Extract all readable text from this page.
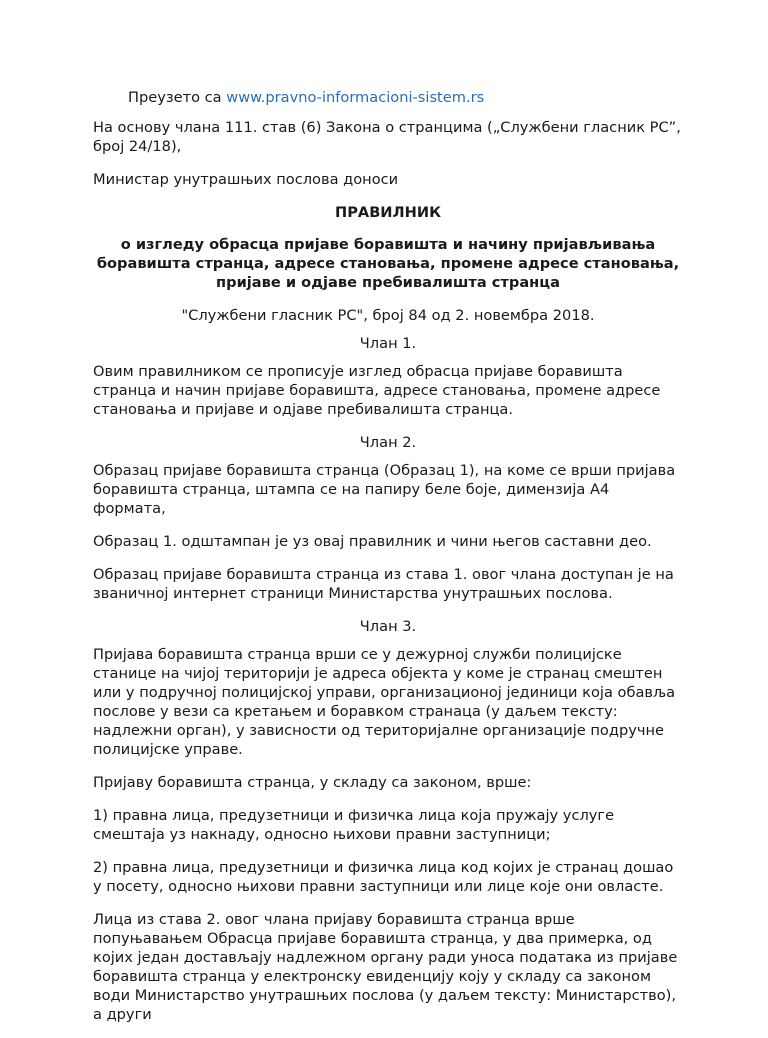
Преузето са www.pravno-informacioni-sistem.rs

На основу члана 111. став (6) Закона о странцима („Службени гласник РС”, број 24/18),

Министар унутрашњих послова доноси

ПРАВИЛНИК

о изгледу обрасца пријаве боравишта и начину пријављивања боравишта странца, адресе становања, промене адресе становања, пријаве и одјаве пребивалишта странца

"Службени гласник РС", број 84 од 2. новембра 2018.

Члан 1.

Овим правилником се прописује изглед обрасца пријаве боравишта странца и начин пријаве боравишта, адресе становања, промене адресе становања и пријаве и одјаве пребивалишта странца.

Члан 2.

Образац пријаве боравишта странца (Образац 1), на коме се врши пријава боравишта странца, штампа се на папиру беле боје, димензија А4 формата,

Образац 1. одштампан је уз овај правилник и чини његов саставни део.

Образац пријаве боравишта странца из става 1. овог члана доступан је на званичној интернет страници Министарства унутрашњих послова.

Члан 3.

Пријава боравишта странца врши се у дежурној служби полицијске станице на чијој територији је адреса објекта у коме је странац смештен или у подручној полицијској управи, организационој јединици која обавља послове у вези са кретањем и боравком странаца (у даљем тексту: надлежни орган), у зависности од територијалне организације подручне полицијске управе.

Пријаву боравишта странца, у складу са законом, врше:

1) правна лица, предузетници и физичка лица која пружају услуге смештаја уз накнаду, односно њихови правни заступници;

2) правна лица, предузетници и физичка лица код којих је странац дошао у посету, односно њихови правни заступници или лице које они овласте.

Лица из става 2. овог члана пријаву боравишта странца врше попуњавањем Обрасца пријаве боравишта странца, у два примерка, од којих један достављају надлежном органу ради уноса података из пријаве боравишта странца у електронску евиденцију коју у складу са законом води Министарство унутрашњих послова (у даљем тексту: Министарство), а други
